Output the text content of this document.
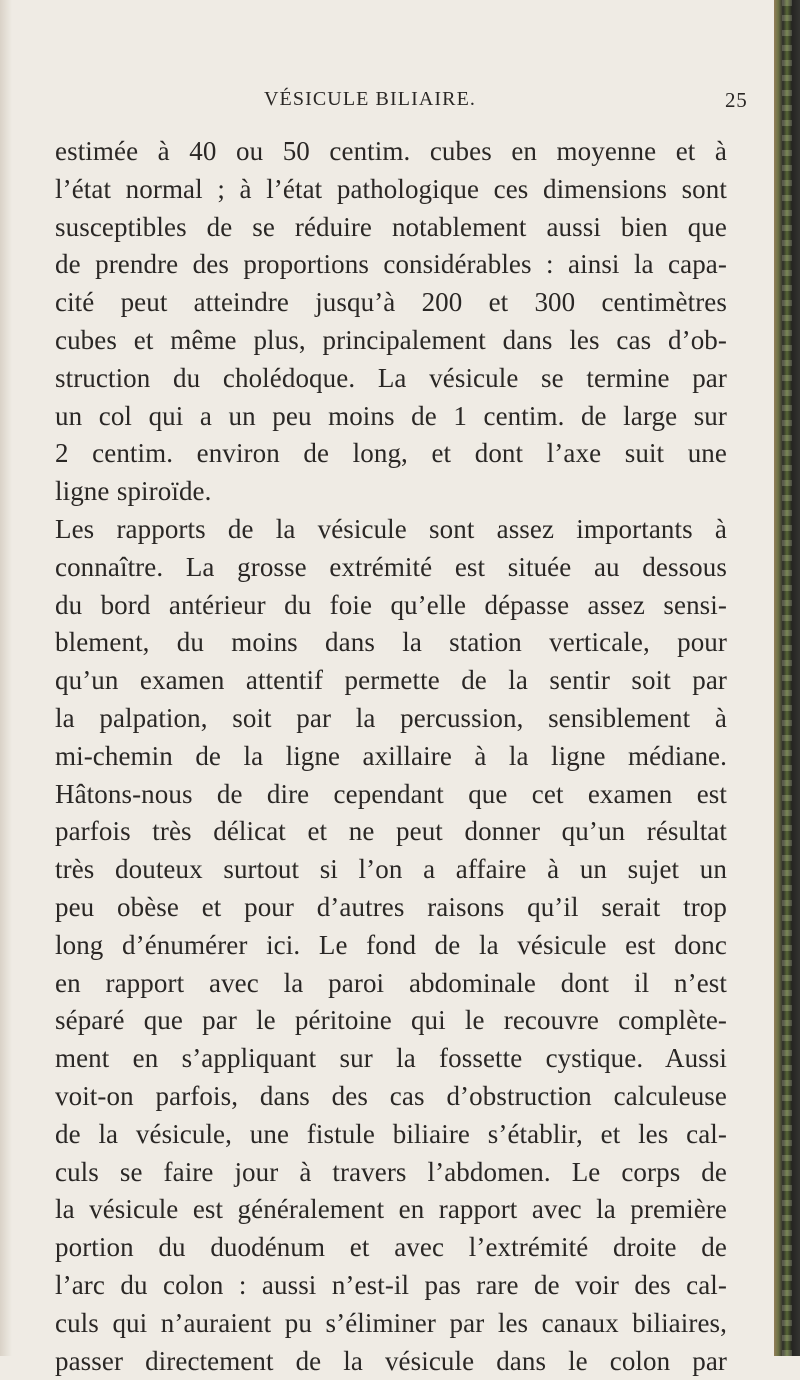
VÉSICULE BILIAIRE.	25
estimée à 40 ou 50 centim. cubes en moyenne et à
l’état normal ; à l’état pathologique ces dimensions sont
susceptibles de se réduire notablement aussi bien que
de prendre des proportions considérables : ainsi la capa-
cité peut atteindre jusqu’à 200 et 300 centimètres
cubes et même plus, principalement dans les cas d’ob-
struction du cholédoque. La vésicule se termine par
un col qui a un peu moins de 1 centim. de large sur
2 centim. environ de long, et dont l’axe suit une
ligne spiroïde.
Les rapports de la vésicule sont assez importants à
connaître. La grosse extrémité est située au dessous
du bord antérieur du foie qu’elle dépasse assez sensi-
blement, du moins dans la station verticale, pour
qu’un examen attentif permette de la sentir soit par
la palpation, soit par la percussion, sensiblement à
mi-chemin de la ligne axillaire à la ligne médiane.
Hâtons-nous de dire cependant que cet examen est
parfois très délicat et ne peut donner qu’un résultat
très douteux surtout si l’on a affaire à un sujet un
peu obèse et pour d’autres raisons qu’il serait trop
long d’énumérer ici. Le fond de la vésicule est donc
en rapport avec la paroi abdominale dont il n’est
séparé que par le péritoine qui le recouvre complète-
ment en s’appliquant sur la fossette cystique. Aussi
voit-on parfois, dans des cas d’obstruction calculeuse
de la vésicule, une fistule biliaire s’établir, et les cal-
culs se faire jour à travers l’abdomen. Le corps de
la vésicule est généralement en rapport avec la première
portion du duodénum et avec l’extrémité droite de
l’arc du colon : aussi n’est-il pas rare de voir des cal-
culs qui n’auraient pu s’éliminer par les canaux biliaires,
passer directement de la vésicule dans le colon par
